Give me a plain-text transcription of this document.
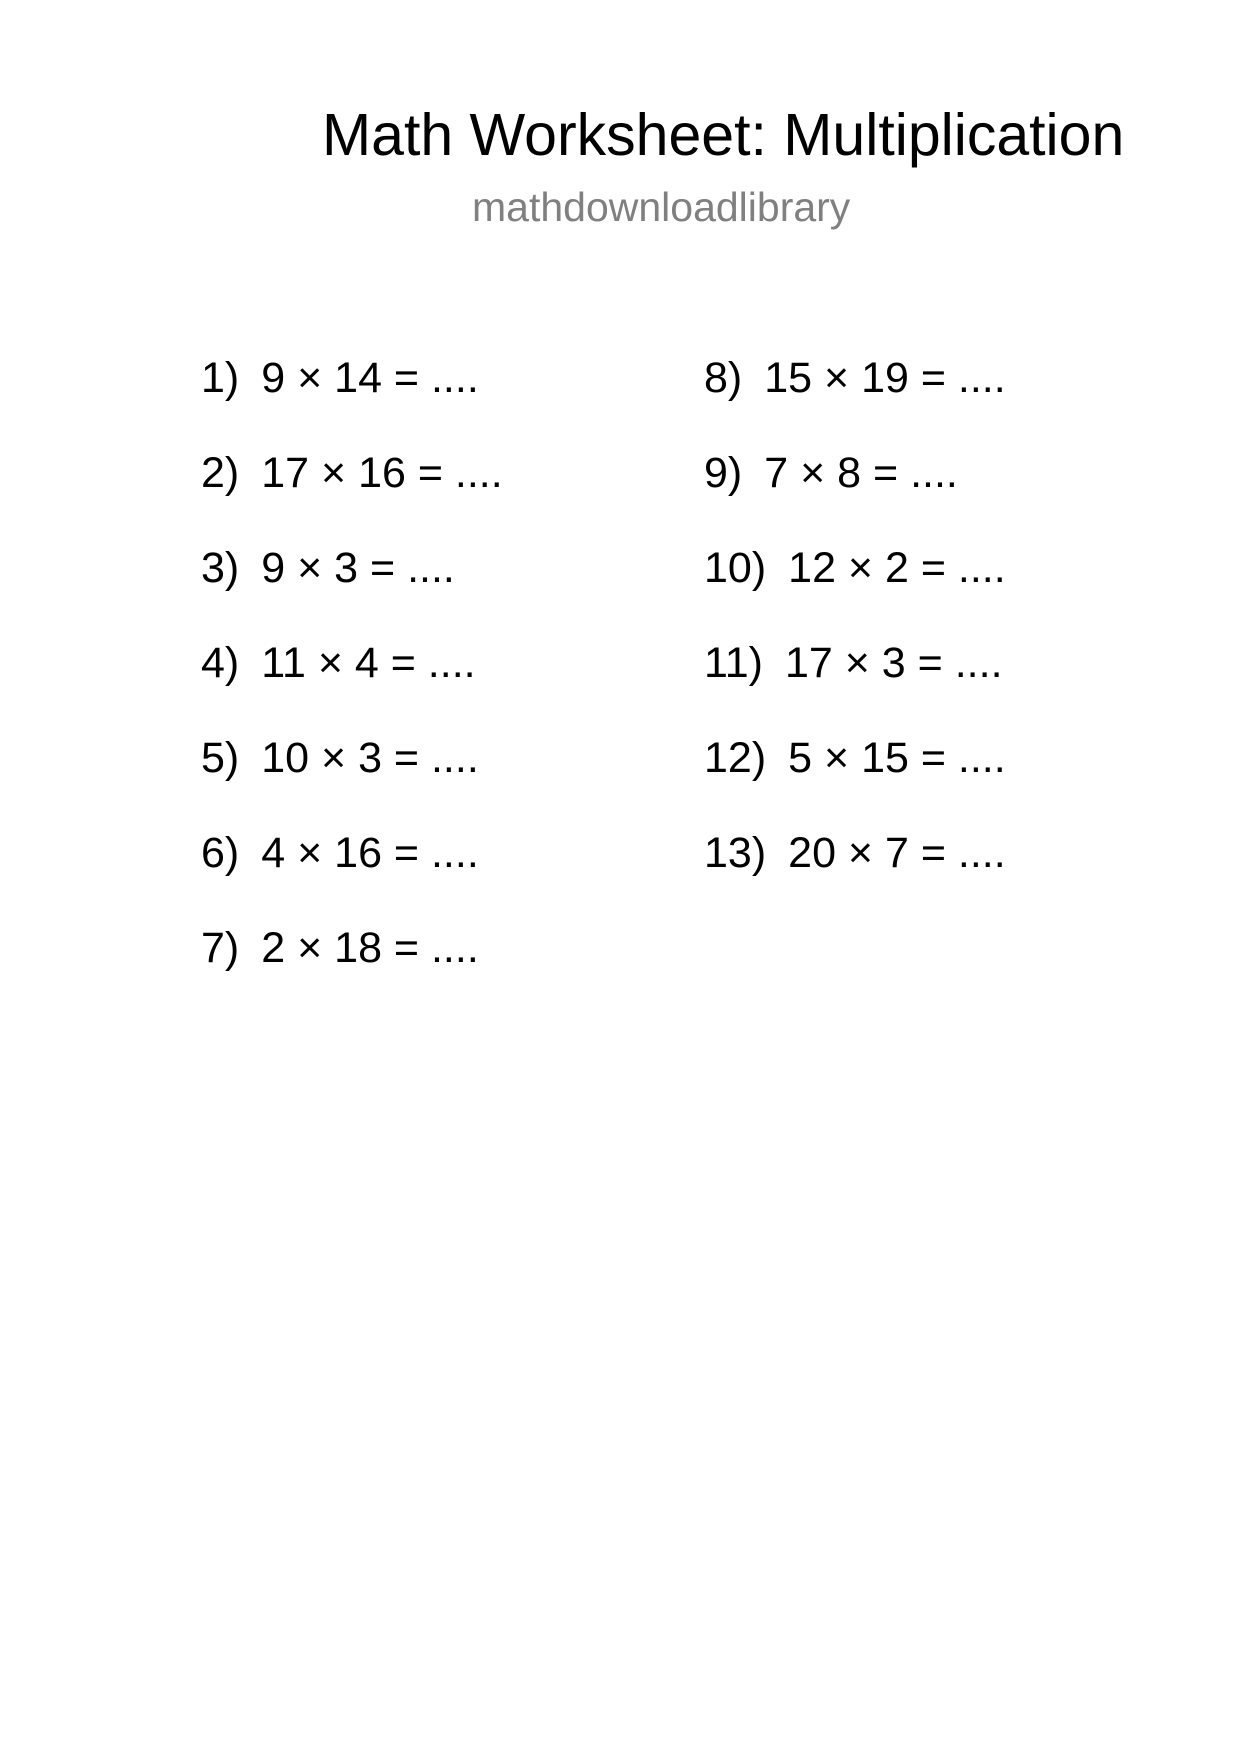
Math Worksheet: Multiplication
mathdownloadlibrary
1) 9 × 14 = ....
2) 17 × 16 = ....
3) 9 × 3 = ....
4) 11 × 4 = ....
5) 10 × 3 = ....
6) 4 × 16 = ....
7) 2 × 18 = ....
8) 15 × 19 = ....
9) 7 × 8 = ....
10) 12 × 2 = ....
11) 17 × 3 = ....
12) 5 × 15 = ....
13) 20 × 7 = ....
